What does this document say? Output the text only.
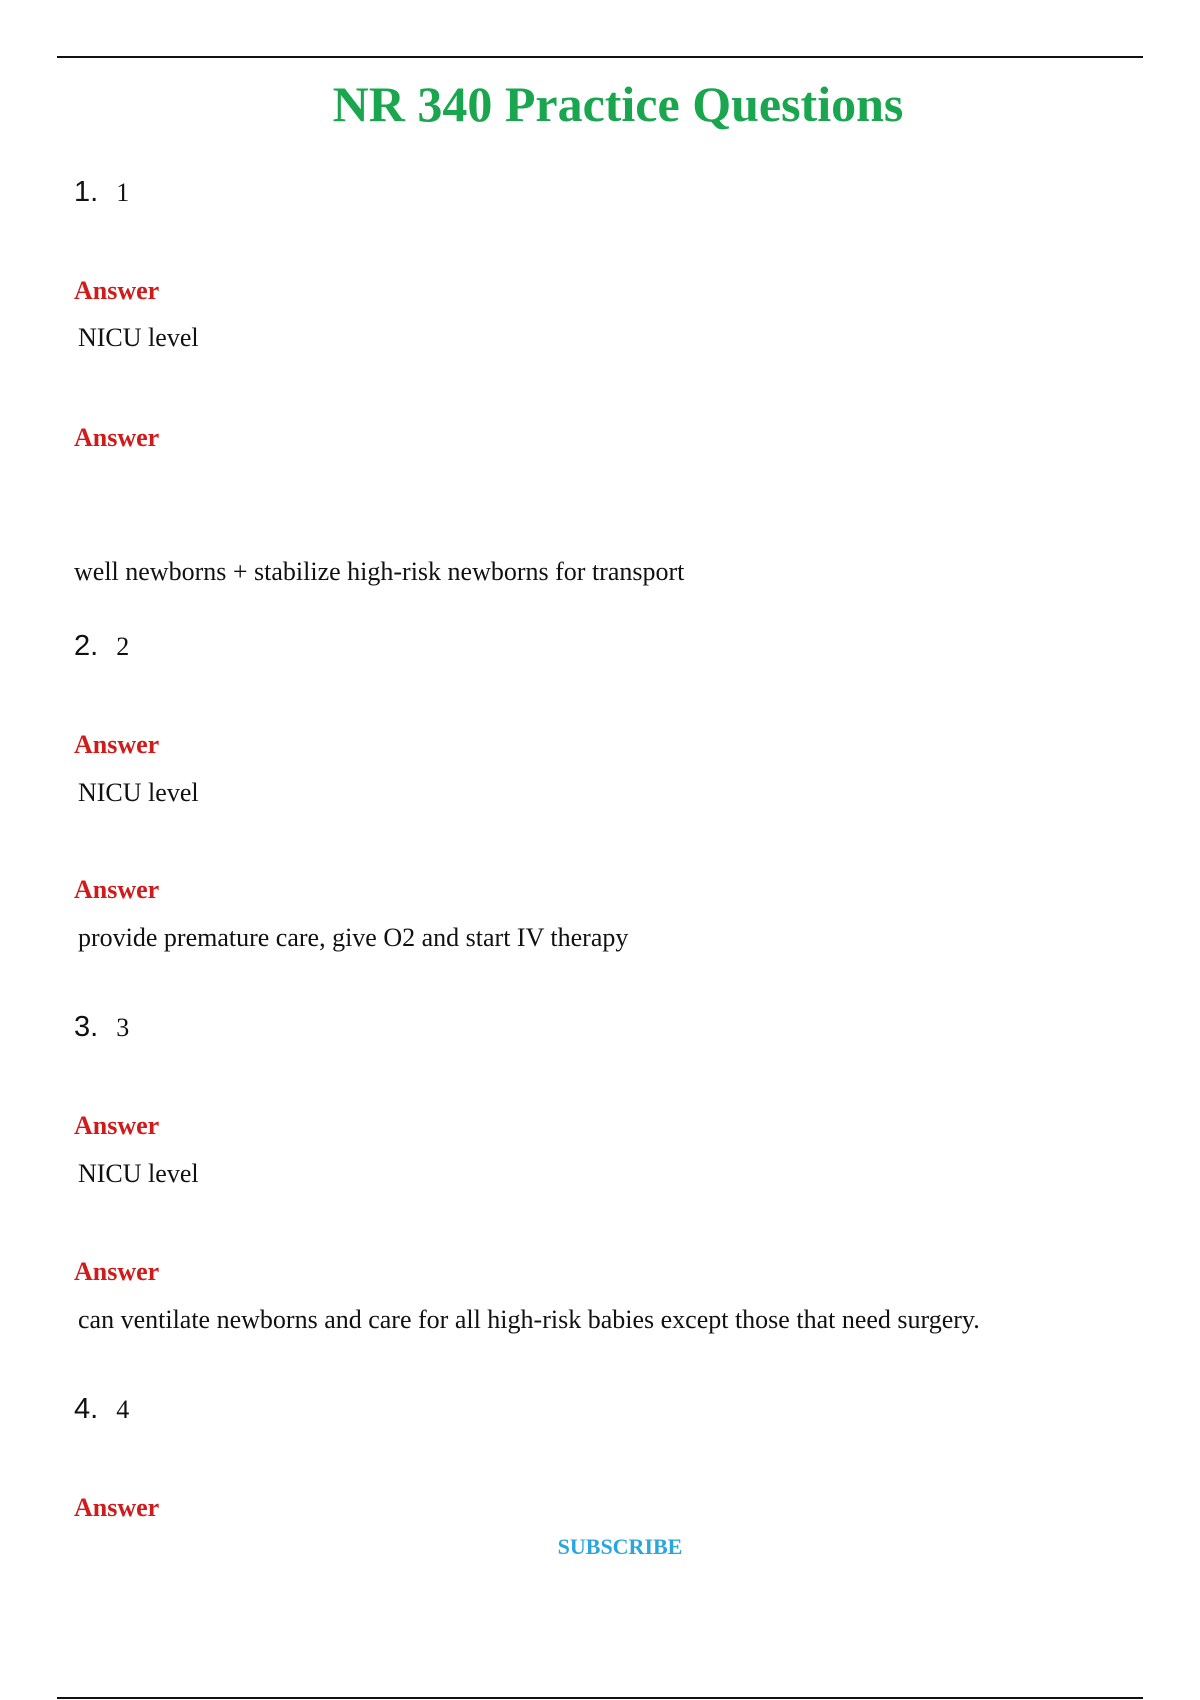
NR 340 Practice Questions
1. 1
Answer
NICU level
Answer
well newborns + stabilize high-risk newborns for transport
2. 2
Answer
NICU level
Answer
provide premature care, give O2 and start IV therapy
3. 3
Answer
NICU level
Answer
can ventilate newborns and care for all high-risk babies except those that need surgery.
4. 4
Answer
SUBSCRIBE
